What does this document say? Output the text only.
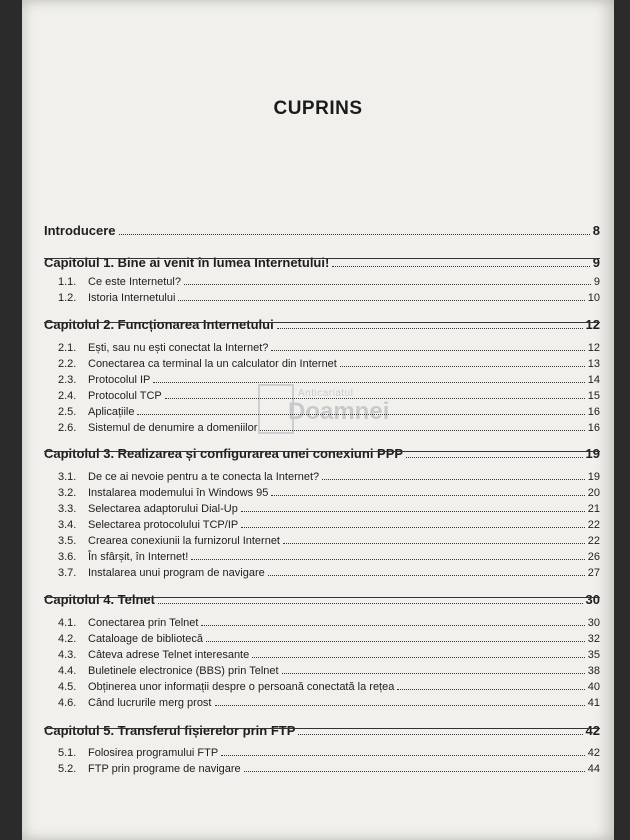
CUPRINS
Anticariatul
Doamnei
Introducere	8
Capitolul 1. Bine ai venit în lumea Internetului!	9
1.1. Ce este Internetul?	9
1.2. Istoria Internetului	10
Capitolul 2. Funcționarea Internetului	12
2.1. Ești, sau nu ești conectat la Internet?	12
2.2. Conectarea ca terminal la un calculator din Internet	13
2.3. Protocolul IP	14
2.4. Protocolul TCP	15
2.5. Aplicațiile	16
2.6. Sistemul de denumire a domeniilor	16
Capitolul 3. Realizarea și configurarea unei conexiuni PPP	19
3.1. De ce ai nevoie pentru a te conecta la Internet?	19
3.2. Instalarea modemului în Windows 95	20
3.3. Selectarea adaptorului Dial-Up	21
3.4. Selectarea protocolului TCP/IP	22
3.5. Crearea conexiunii la furnizorul Internet	22
3.6. În sfârșit, în Internet!	26
3.7. Instalarea unui program de navigare	27
Capitolul 4. Telnet	30
4.1. Conectarea prin Telnet	30
4.2. Cataloage de bibliotecă	32
4.3. Câteva adrese Telnet interesante	35
4.4. Buletinele electronice (BBS) prin Telnet	38
4.5. Obținerea unor informații despre o persoană conectată la rețea	40
4.6. Când lucrurile merg prost	41
Capitolul 5. Transferul fișierelor prin FTP	42
5.1. Folosirea programului FTP	42
5.2. FTP prin programe de navigare	44
